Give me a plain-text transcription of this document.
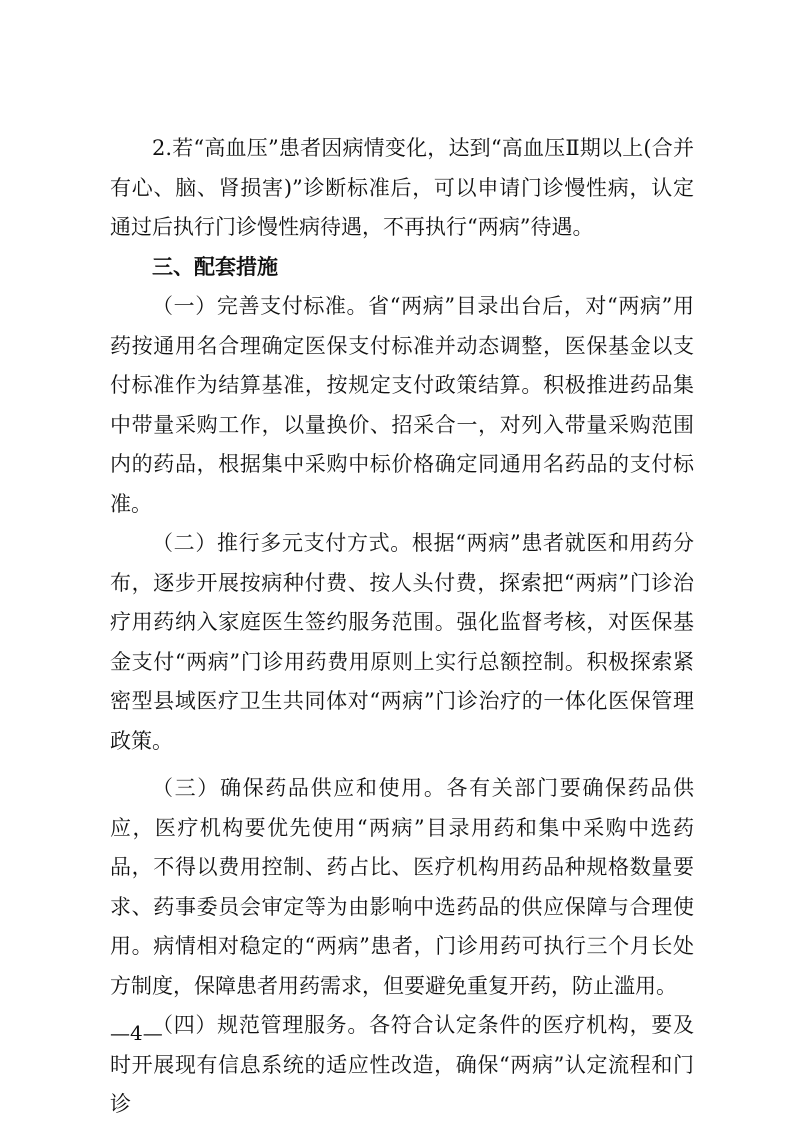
2.若“高血压”患者因病情变化，达到“高血压Ⅱ期以上(合并有心、脑、肾损害)”诊断标准后，可以申请门诊慢性病，认定通过后执行门诊慢性病待遇，不再执行“两病”待遇。

三、配套措施

（一）完善支付标准。省“两病”目录出台后，对“两病”用药按通用名合理确定医保支付标准并动态调整，医保基金以支付标准作为结算基准，按规定支付政策结算。积极推进药品集中带量采购工作，以量换价、招采合一，对列入带量采购范围内的药品，根据集中采购中标价格确定同通用名药品的支付标准。

（二）推行多元支付方式。根据“两病”患者就医和用药分布，逐步开展按病种付费、按人头付费，探索把“两病”门诊治疗用药纳入家庭医生签约服务范围。强化监督考核，对医保基金支付“两病”门诊用药费用原则上实行总额控制。积极探索紧密型县域医疗卫生共同体对“两病”门诊治疗的一体化医保管理政策。

（三）确保药品供应和使用。各有关部门要确保药品供应，医疗机构要优先使用“两病”目录用药和集中采购中选药品，不得以费用控制、药占比、医疗机构用药品种规格数量要求、药事委员会审定等为由影响中选药品的供应保障与合理使用。病情相对稳定的“两病”患者，门诊用药可执行三个月长处方制度，保障患者用药需求，但要避免重复开药，防止滥用。

（四）规范管理服务。各符合认定条件的医疗机构，要及时开展现有信息系统的适应性改造，确保“两病”认定流程和门诊

—4—
